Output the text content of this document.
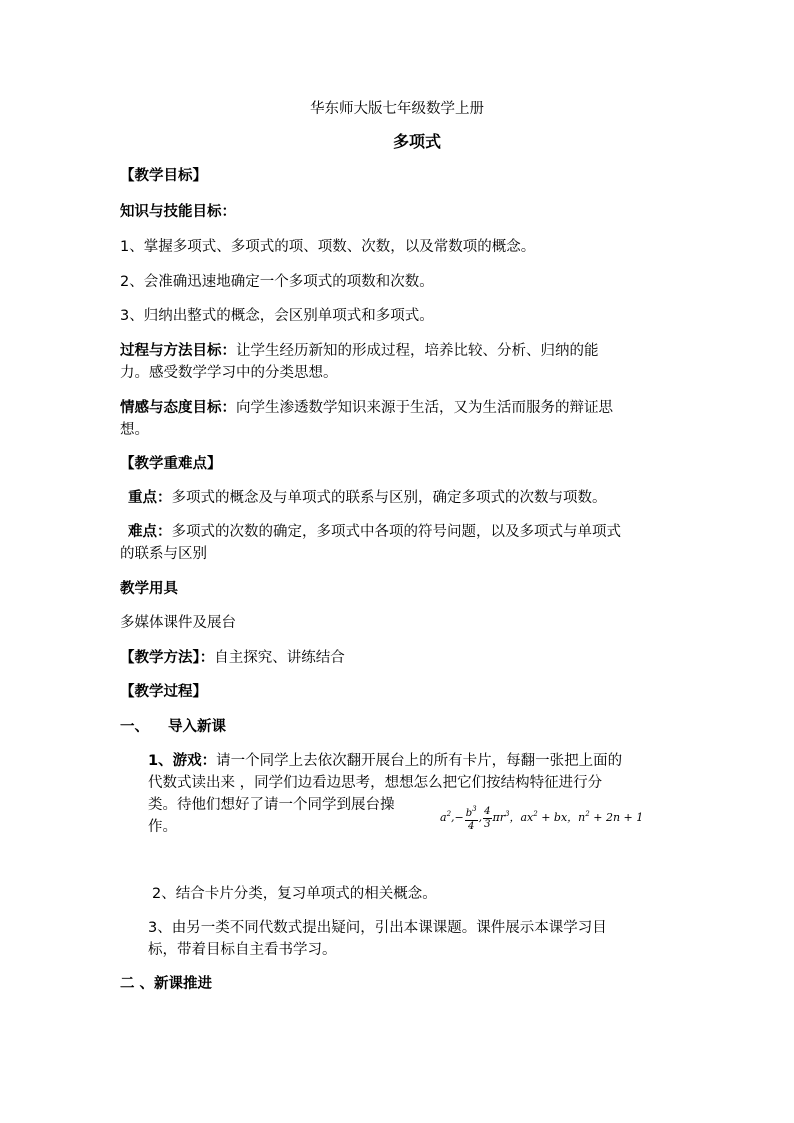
华东师大版七年级数学上册
多项式
【教学目标】
知识与技能目标：
1、掌握多项式、多项式的项、项数、次数，以及常数项的概念。
2、会准确迅速地确定一个多项式的项数和次数。
3、归纳出整式的概念，会区别单项式和多项式。
过程与方法目标：让学生经历新知的形成过程，培养比较、分析、归纳的能
力。感受数学学习中的分类思想。
情感与态度目标：向学生渗透数学知识来源于生活，又为生活而服务的辩证思
想。
【教学重难点】
重点：多项式的概念及与单项式的联系与区别，确定多项式的次数与项数。
难点：多项式的次数的确定，多项式中各项的符号问题，以及多项式与单项式
的联系与区别
教学用具
多媒体课件及展台
【教学方法】：自主探究、讲练结合
【教学过程】
一、 导入新课
1、游戏：请一个同学上去依次翻开展台上的所有卡片，每翻一张把上面的
代数式读出来 ，同学们边看边思考，想想怎么把它们按结构特征进行分
类。待他们想好了请一个同学到展台操
作。
$a^2,- \frac{b^3}{4}$ , $\frac{4}{3} \pi r^3$，$ax^2$ + bx，$n^2 + 2n + 1$
2、结合卡片分类，复习单项式的相关概念。
3、由另一类不同代数式提出疑问，引出本课课题。课件展示本课学习目
标，带着目标自主看书学习。
二 、新课推进
